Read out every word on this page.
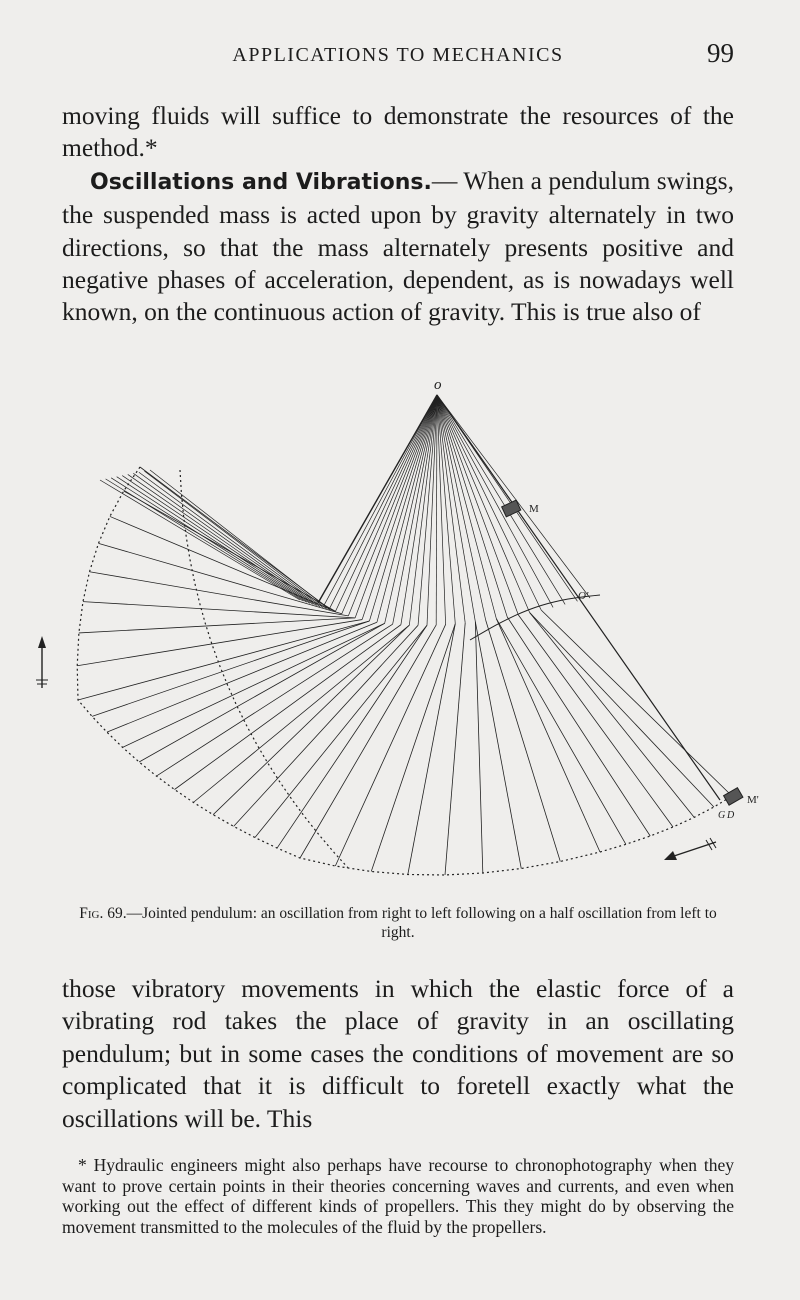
APPLICATIONS TO MECHANICS	99

moving fluids will suffice to demonstrate the resources of the method.*

Oscillations and Vibrations.— When a pendulum swings, the suspended mass is acted upon by gravity alternately in two directions, so that the mass alternately presents positive and negative phases of acceleration, dependent, as is nowadays well known, on the continuous action of gravity. This is true also of

o
M
O'
M'
G D
Fig. 69.—Jointed pendulum: an oscillation from right to left following on a half oscillation from left to right.

those vibratory movements in which the elastic force of a vibrating rod takes the place of gravity in an oscillating pendulum; but in some cases the conditions of movement are so complicated that it is difficult to foretell exactly what the oscillations will be. This

* Hydraulic engineers might also perhaps have recourse to chronophotography when they want to prove certain points in their theories concerning waves and currents, and even when working out the effect of different kinds of propellers. This they might do by observing the movement transmitted to the molecules of the fluid by the propellers.
